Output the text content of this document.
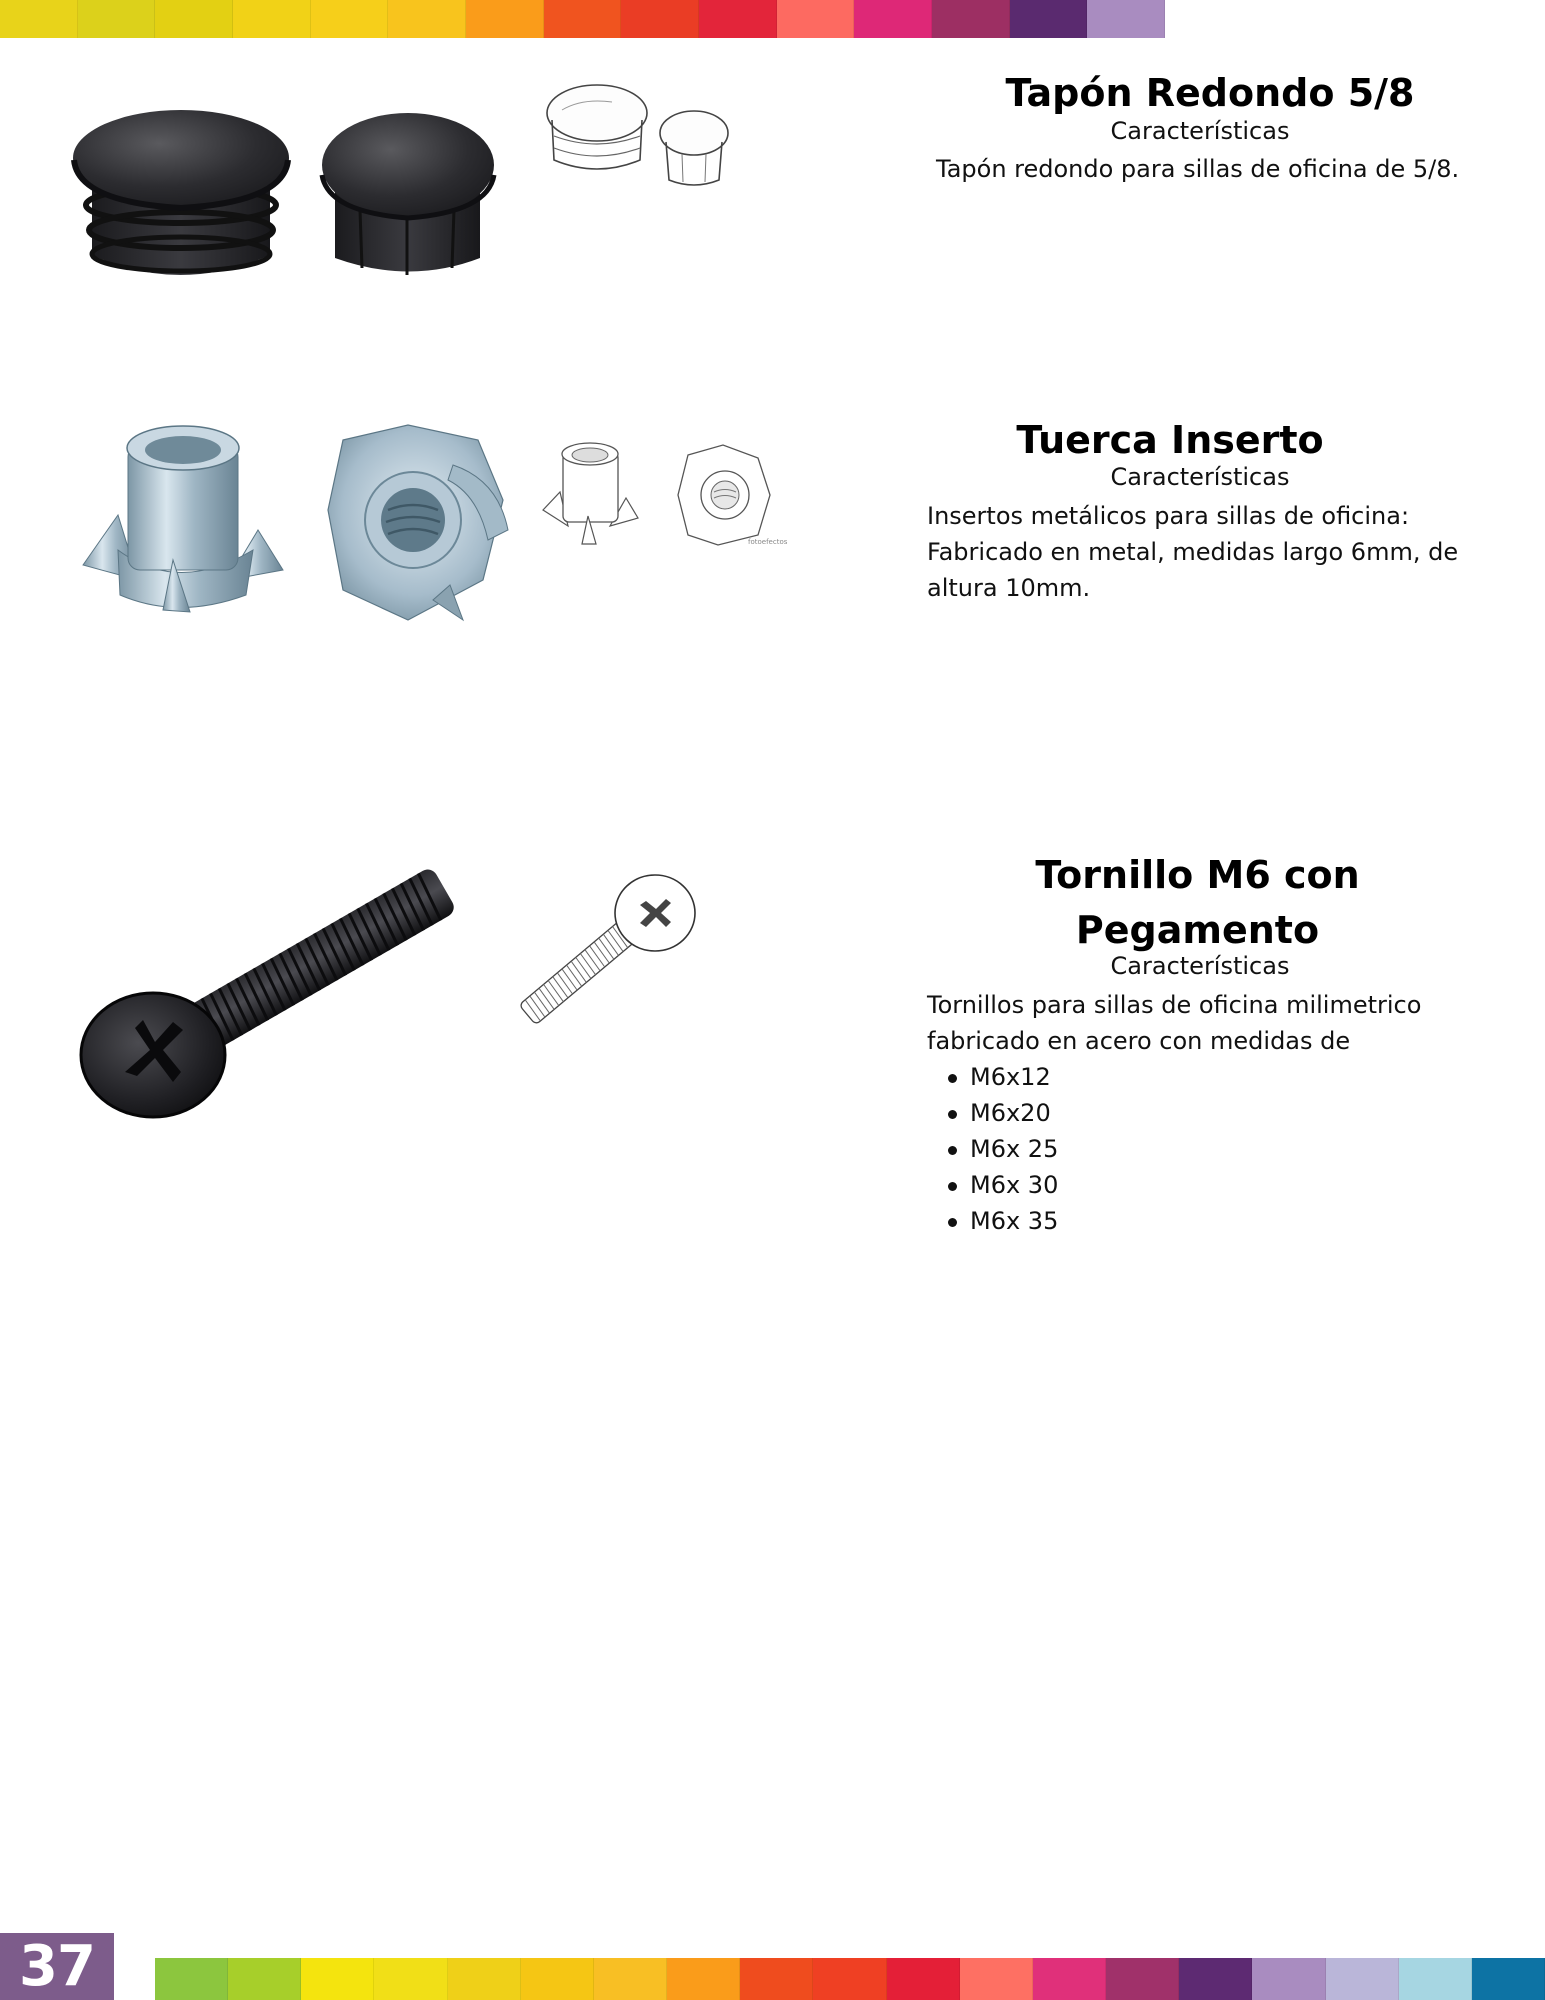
Tapón Redondo 5/8
Características
Tapón redondo para sillas de oficina de 5/8.
fotoefectos
Tuerca Inserto
Características
Insertos metálicos para sillas de oficina:
Fabricado en metal, medidas largo 6mm, de
altura 10mm.
Tornillo M6 con
Pegamento
Características
Tornillos para sillas de oficina milimetrico
fabricado en acero con medidas de
M6x12
M6x20
M6x 25
M6x 30
M6x 35
37
